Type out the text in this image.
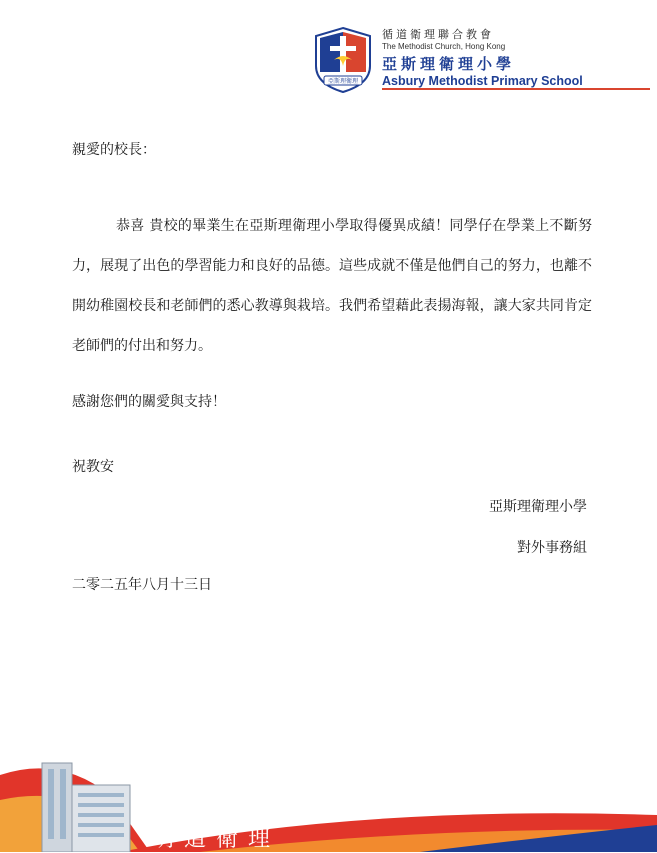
亞斯理衛理
循道衛理聯合教會
The Methodist Church, Hong Kong
亞斯理衛理小學
Asbury Methodist Primary School
親愛的校長：
恭喜 貴校的畢業生在亞斯理衛理小學取得優異成績！同學仔在學業上不斷努力，展現了出色的學習能力和良好的品德。這些成就不僅是他們自己的努力，也離不開幼稚園校長和老師們的悉心教導與栽培。我們希望藉此表揚海報，讓大家共同肯定老師們的付出和努力。
感謝您們的關愛與支持！
祝教安
亞斯理衛理小學
對外事務組
二零二五年八月十三日
校訓
明道衛理
